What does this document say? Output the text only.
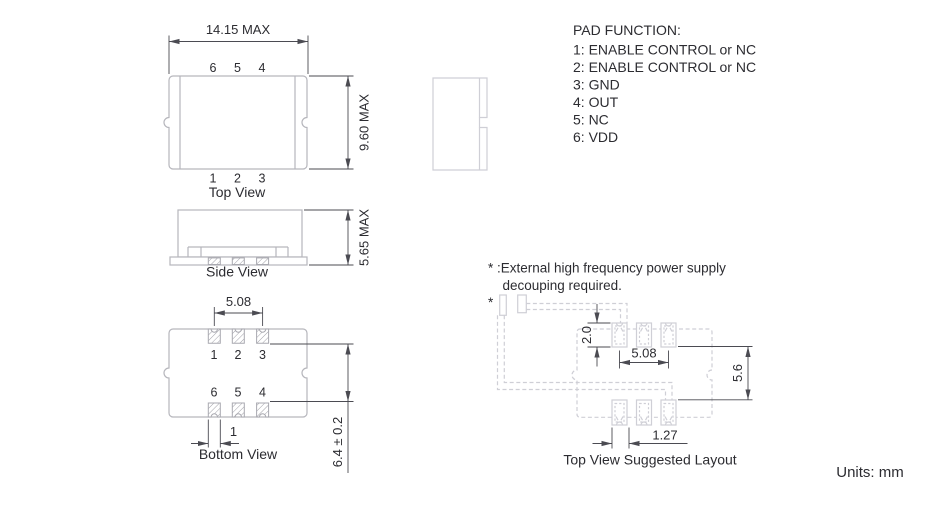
14.15 MAX
9.60 MAX
6 5 4
1 2 3
Top View
5.65 MAX
Side View
1 2 3
6 5 4
5.08
1	6.4 ± 0.2
Bottom View
PAD FUNCTION:
1: ENABLE CONTROL or NC
2: ENABLE CONTROL or NC
3: GND
4: OUT
5: NC
6: VDD
* :External high frequency power supply
decouping required.
*
2.0
5.08
5.6
1.27
Top View Suggested Layout
Units: mm
